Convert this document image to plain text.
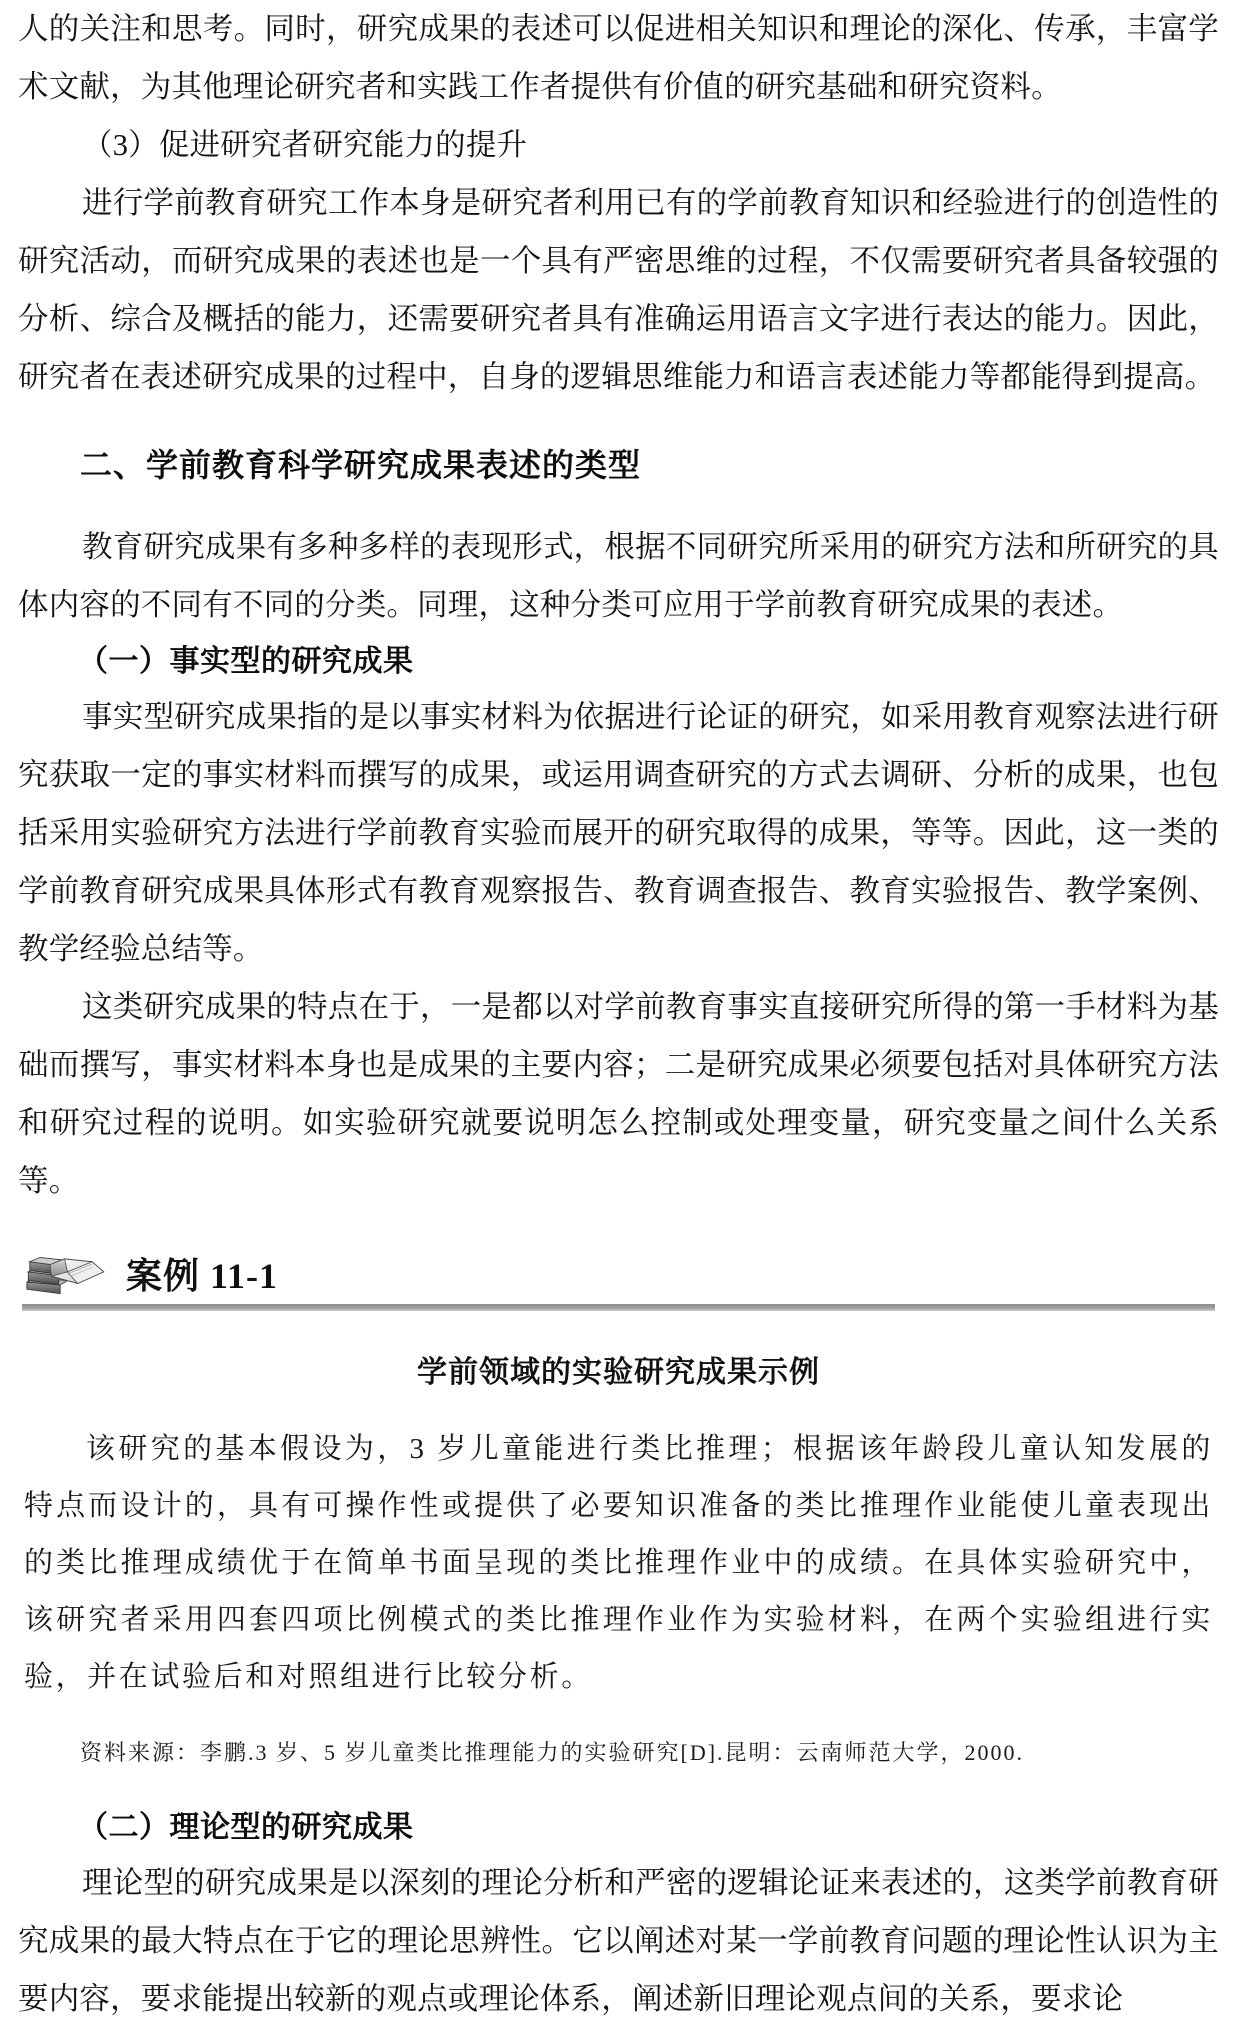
人的关注和思考。同时，研究成果的表述可以促进相关知识和理论的深化、传承，丰富学术文献，为其他理论研究者和实践工作者提供有价值的研究基础和研究资料。

（3）促进研究者研究能力的提升

进行学前教育研究工作本身是研究者利用已有的学前教育知识和经验进行的创造性的研究活动，而研究成果的表述也是一个具有严密思维的过程，不仅需要研究者具备较强的分析、综合及概括的能力，还需要研究者具有准确运用语言文字进行表达的能力。因此，研究者在表述研究成果的过程中，自身的逻辑思维能力和语言表述能力等都能得到提高。

二、学前教育科学研究成果表述的类型

教育研究成果有多种多样的表现形式，根据不同研究所采用的研究方法和所研究的具体内容的不同有不同的分类。同理，这种分类可应用于学前教育研究成果的表述。

（一）事实型的研究成果

事实型研究成果指的是以事实材料为依据进行论证的研究，如采用教育观察法进行研究获取一定的事实材料而撰写的成果，或运用调查研究的方式去调研、分析的成果，也包括采用实验研究方法进行学前教育实验而展开的研究取得的成果，等等。因此，这一类的学前教育研究成果具体形式有教育观察报告、教育调查报告、教育实验报告、教学案例、教学经验总结等。

这类研究成果的特点在于，一是都以对学前教育事实直接研究所得的第一手材料为基础而撰写，事实材料本身也是成果的主要内容；二是研究成果必须要包括对具体研究方法和研究过程的说明。如实验研究就要说明怎么控制或处理变量，研究变量之间什么关系等。

案例 11-1
学前领域的实验研究成果示例

该研究的基本假设为，3 岁儿童能进行类比推理；根据该年龄段儿童认知发展的特点而设计的，具有可操作性或提供了必要知识准备的类比推理作业能使儿童表现出的类比推理成绩优于在简单书面呈现的类比推理作业中的成绩。在具体实验研究中，该研究者采用四套四项比例模式的类比推理作业作为实验材料，在两个实验组进行实验，并在试验后和对照组进行比较分析。

资料来源：李鹏.3 岁、5 岁儿童类比推理能力的实验研究[D].昆明：云南师范大学，2000.

（二）理论型的研究成果

理论型的研究成果是以深刻的理论分析和严密的逻辑论证来表述的，这类学前教育研究成果的最大特点在于它的理论思辨性。它以阐述对某一学前教育问题的理论性认识为主要内容，要求能提出较新的观点或理论体系，阐述新旧理论观点间的关系，要求论
